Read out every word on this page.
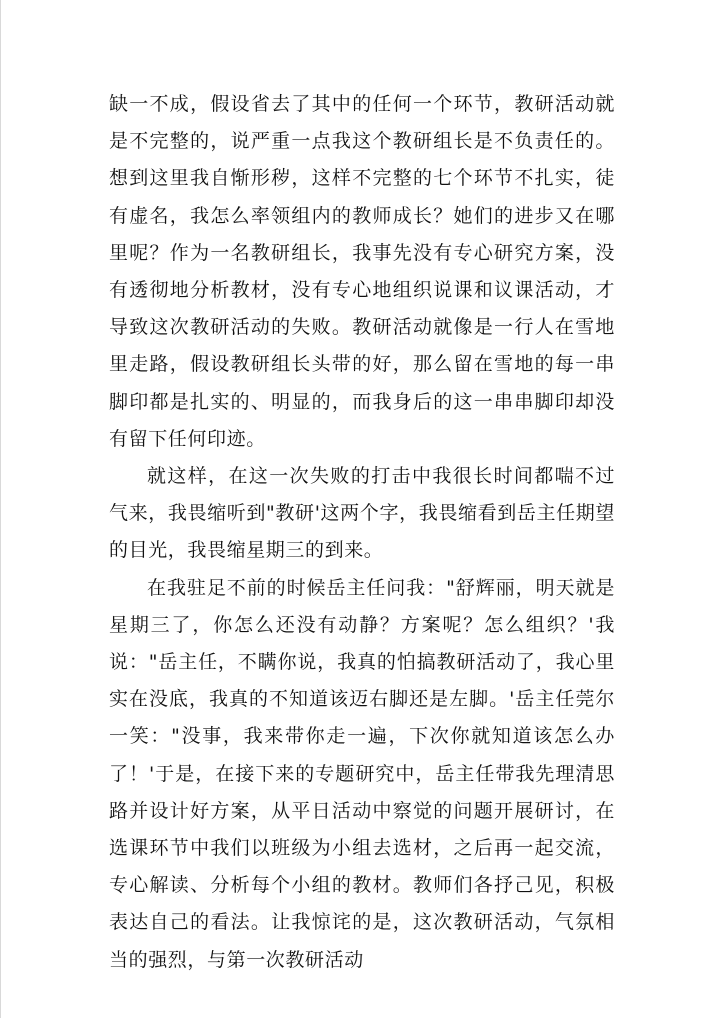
缺一不成，假设省去了其中的任何一个环节，教研活动就是不完整的，说严重一点我这个教研组长是不负责任的。想到这里我自惭形秽，这样不完整的七个环节不扎实，徒有虚名，我怎么率领组内的教师成长？她们的进步又在哪里呢？作为一名教研组长，我事先没有专心研究方案，没有透彻地分析教材，没有专心地组织说课和议课活动，才导致这次教研活动的失败。教研活动就像是一行人在雪地里走路，假设教研组长头带的好，那么留在雪地的每一串脚印都是扎实的、明显的，而我身后的这一串串脚印却没有留下任何印迹。

就这样，在这一次失败的打击中我很长时间都喘不过气来，我畏缩听到"教研'这两个字，我畏缩看到岳主任期望的目光，我畏缩星期三的到来。

在我驻足不前的时候岳主任问我："舒辉丽，明天就是星期三了，你怎么还没有动静？方案呢？怎么组织？'我说："岳主任，不瞒你说，我真的怕搞教研活动了，我心里实在没底，我真的不知道该迈右脚还是左脚。'岳主任莞尔一笑："没事，我来带你走一遍，下次你就知道该怎么办了！'于是，在接下来的专题研究中，岳主任带我先理清思路并设计好方案，从平日活动中察觉的问题开展研讨，在选课环节中我们以班级为小组去选材，之后再一起交流，专心解读、分析每个小组的教材。教师们各抒己见，积极表达自己的看法。让我惊诧的是，这次教研活动，气氛相当的强烈，与第一次教研活动
